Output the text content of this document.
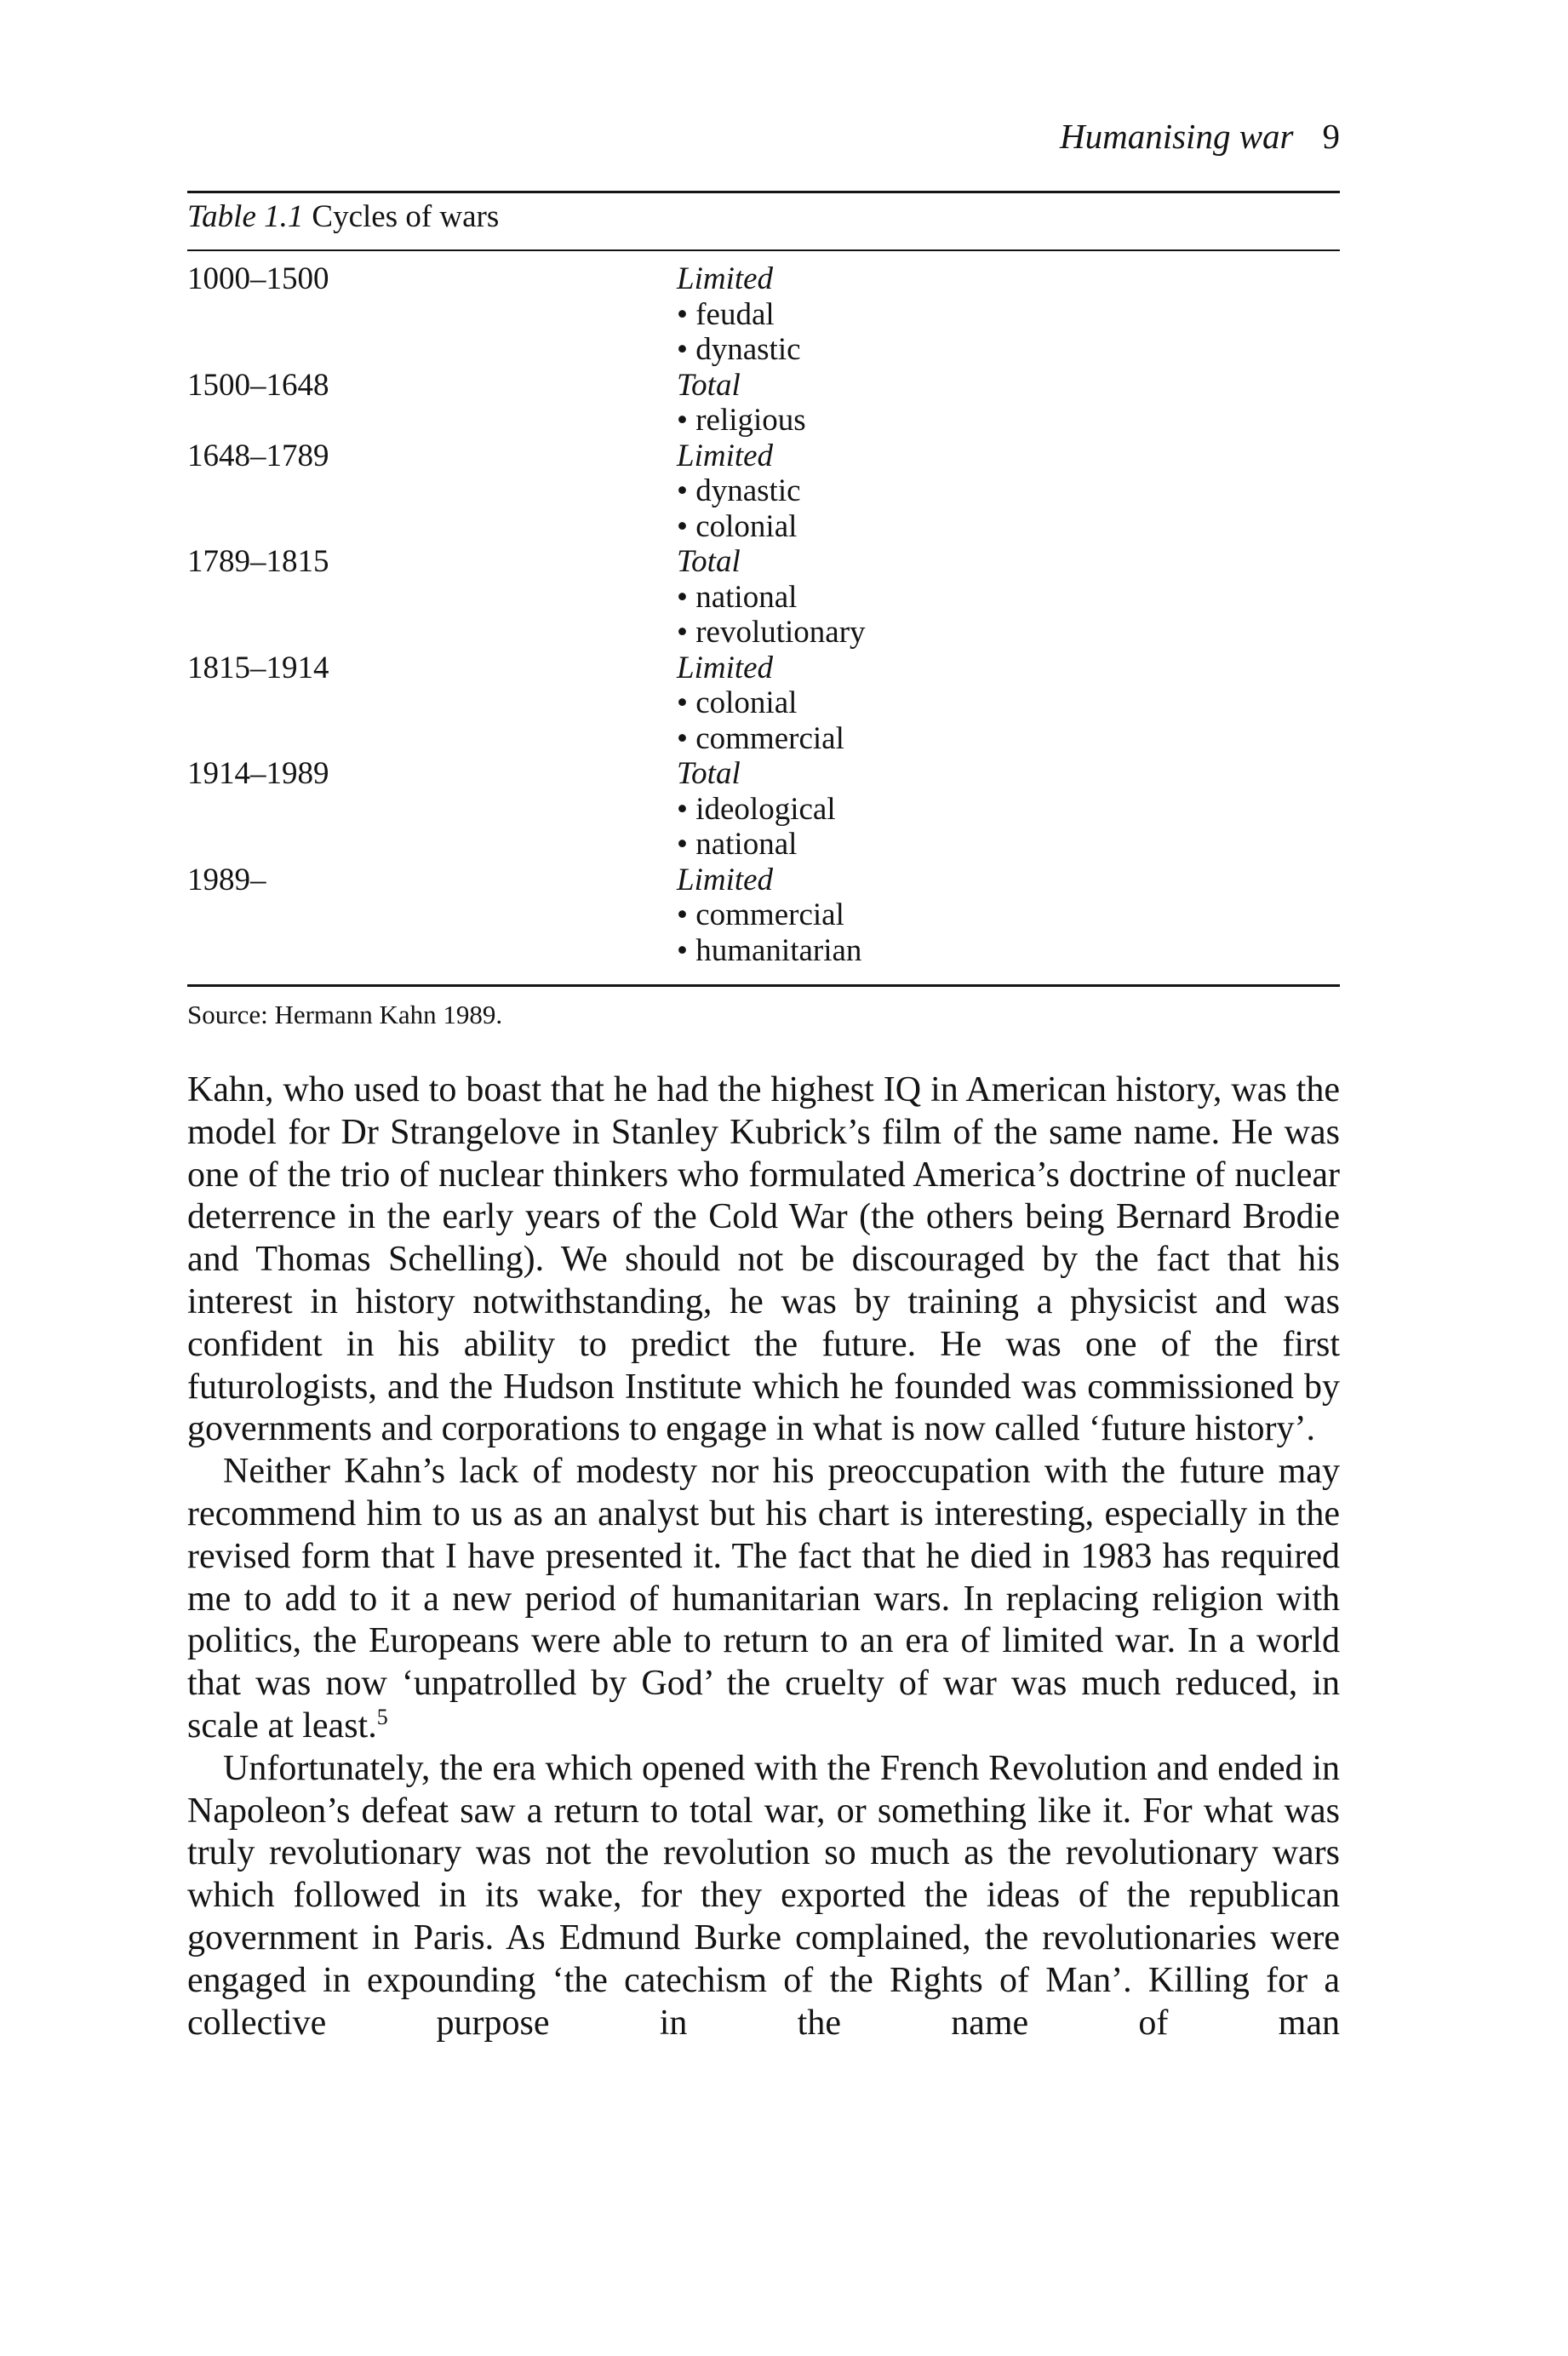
Humanising war 9
Table 1.1 Cycles of wars
1000–1500	Limited
• feudal
• dynastic
1500–1648	Total
• religious
1648–1789	Limited
• dynastic
• colonial
1789–1815	Total
• national
• revolutionary
1815–1914	Limited
• colonial
• commercial
1914–1989	Total
• ideological
• national
1989–	Limited
• commercial
• humanitarian
Source: Hermann Kahn 1989.

Kahn, who used to boast that he had the highest IQ in American history, was the model for Dr Strangelove in Stanley Kubrick’s film of the same name. He was one of the trio of nuclear thinkers who formulated America’s doctrine of nuclear deterrence in the early years of the Cold War (the others being Bernard Brodie and Thomas Schelling). We should not be discouraged by the fact that his interest in history notwithstanding, he was by training a physicist and was confident in his ability to predict the future. He was one of the first futurologists, and the Hudson Institute which he founded was commissioned by governments and corporations to engage in what is now called ‘future history’.

Neither Kahn’s lack of modesty nor his preoccupation with the future may recommend him to us as an analyst but his chart is interesting, especially in the revised form that I have presented it. The fact that he died in 1983 has required me to add to it a new period of humanitarian wars. In replacing religion with politics, the Europeans were able to return to an era of limited war. In a world that was now ‘unpatrolled by God’ the cruelty of war was much reduced, in scale at least.$^5$

Unfortunately, the era which opened with the French Revolution and ended in Napoleon’s defeat saw a return to total war, or something like it. For what was truly revolutionary was not the revolution so much as the revolutionary wars which followed in its wake, for they exported the ideas of the republican government in Paris. As Edmund Burke complained, the revolutionaries were engaged in expounding ‘the catechism of the Rights of Man’. Killing for a collective purpose in the name of man
